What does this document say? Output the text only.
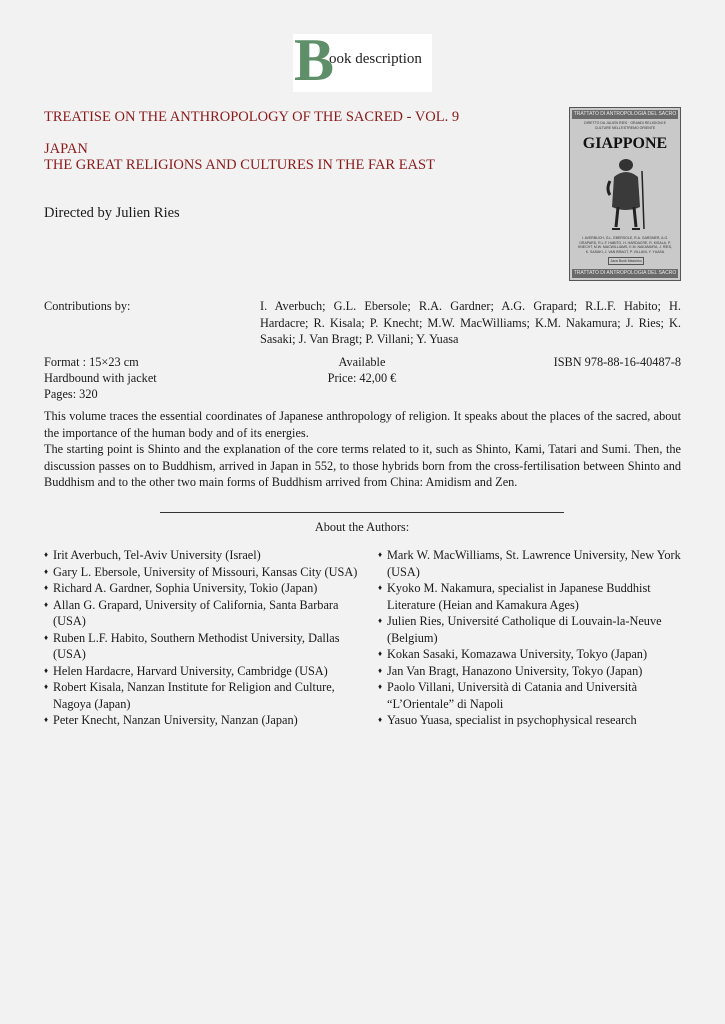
B
ook description
TREATISE ON THE ANTHROPOLOGY OF THE SACRED - VOL. 9
JAPAN
THE GREAT RELIGIONS AND CULTURES IN THE FAR EAST
Directed by Julien Ries
TRATTATO DI ANTROPOLOGIA DEL SACRO
DIRETTO DA JULIEN RIES · GRANDI RELIGIONI E CULTURE NELL'ESTREMO ORIENTE
GIAPPONE
I. AVERBUCH, G.L. EBERSOLE, R.A. GARDNER, A.G. GRAPARD, R.L.F. HABITO, H. HARDACRE, R. KISALA, P. KNECHT, M.W. MACWILLIAMS, K.M. NAKAMURA, J. RIES, K. SASAKI, J. VAN BRAGT, P. VILLANI, Y. YUASA
Jaca Book Massimo
TRATTATO DI ANTROPOLOGIA DEL SACRO
Contributions by:	I. Averbuch; G.L. Ebersole; R.A. Gardner; A.G. Grapard; R.L.F. Habito; H. Hardacre; R. Kisala; P. Knecht; M.W. MacWilliams; K.M. Nakamura; J. Ries; K. Sasaki; J. Van Bragt; P. Villani; Y. Yuasa
Format : 15×23 cm
Hardbound with jacket
Pages: 320
Available
Price: 42,00 €
ISBN 978-88-16-40487-8

This volume traces the essential coordinates of Japanese anthropology of religion. It speaks about the places of the sacred, about the importance of the human body and of its energies.

The starting point is Shinto and the explanation of the core terms related to it, such as Shinto, Kami, Tatari and Sumi. Then, the discussion passes on to Buddhism, arrived in Japan in 552, to those hybrids born from the cross-fertilisation between Shinto and Buddhism and to the other two main forms of Buddhism arrived from China: Amidism and Zen.

About the Authors:
♦ Irit Averbuch, Tel-Aviv University (Israel)
♦ Gary L. Ebersole, University of Missouri, Kansas City (USA)
♦ Richard A. Gardner, Sophia University, Tokio (Japan)
♦ Allan G. Grapard, University of California, Santa Barbara (USA)
♦ Ruben L.F. Habito, Southern Methodist University, Dallas (USA)
♦ Helen Hardacre, Harvard University, Cambridge (USA)
♦ Robert Kisala, Nanzan Institute for Religion and Culture, Nagoya (Japan)
♦ Peter Knecht, Nanzan University, Nanzan (Japan)
♦ Mark W. MacWilliams, St. Lawrence University, New York (USA)
♦ Kyoko M. Nakamura, specialist in Japanese Buddhist Literature (Heian and Kamakura Ages)
♦ Julien Ries, Université Catholique di Louvain-la-Neuve (Belgium)
♦ Kokan Sasaki, Komazawa University, Tokyo (Japan)
♦ Jan Van Bragt, Hanazono University, Tokyo (Japan)
♦ Paolo Villani, Università di Catania and Università “L’Orientale” di Napoli
♦ Yasuo Yuasa, specialist in psychophysical research
